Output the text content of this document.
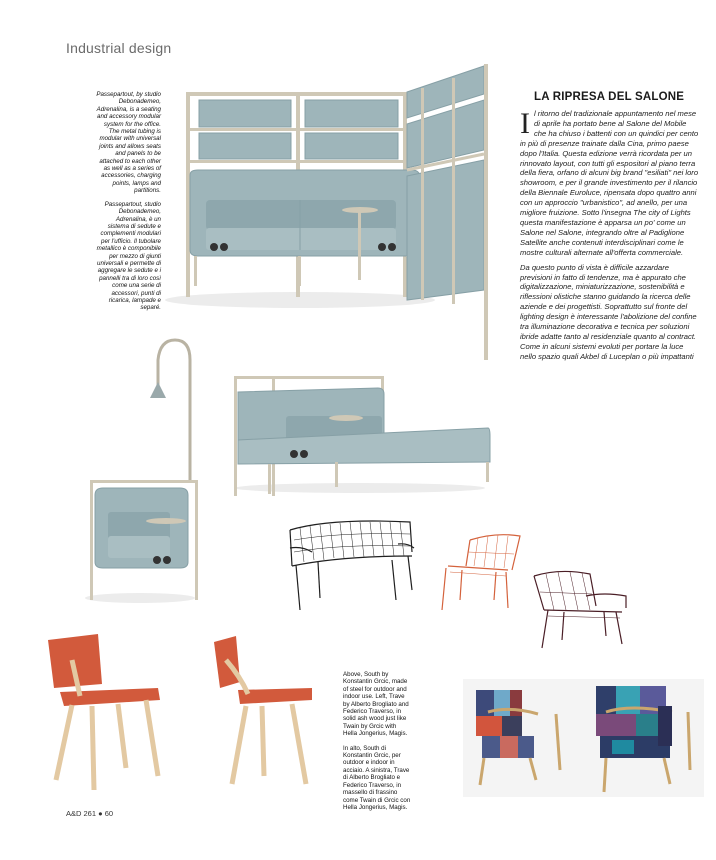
Industrial design

Passepartout, by studio Debonademeo, Adrenalina, is a seating and accessory modular system for the office. The metal tubing is modular with universal joints and allows seats and panels to be attached to each other as well as a series of accessories, charging points, lamps and partitions.

Passepartout, studio Debonademeo, Adrenalina, è un sistema di sedute e complementi modulari per l'ufficio. Il tubolare metallico è componibile per mezzo di giunti universali e permette di aggregare le sedute e i pannelli tra di loro così come una serie di accessori, punti di ricarica, lampade e separé.

LA RIPRESA DEL SALONE

Il ritorno del tradizionale appuntamento nel mese di aprile ha portato bene al Salone del Mobile che ha chiuso i battenti con un quindici per cento in più di presenze trainate dalla Cina, primo paese dopo l'Italia. Questa edizione verrà ricordata per un rinnovato layout, con tutti gli espositori al piano terra della fiera, orfano di alcuni big brand "esiliati" nei loro showroom, e per il grande investimento per il rilancio della Biennale Euroluce, ripensata dopo quattro anni con un approccio "urbanistico", ad anello, per una migliore fruizione. Sotto l'insegna The city of Lights questa manifestazione è apparsa un po' come un Salone nel Salone, integrando oltre al Padiglione Satellite anche contenuti interdisciplinari come le mostre culturali alternate all'offerta commerciale.

Da questo punto di vista è difficile azzardare previsioni in fatto di tendenze, ma è appurato che digitalizzazione, miniaturizzazione, sostenibilità e riflessioni olistiche stanno guidando la ricerca delle aziende e dei progettisti. Soprattutto sul fronte del lighting design è interessante l'abolizione del confine tra illuminazione decorativa e tecnica per soluzioni ibride adatte tanto al residenziale quanto al contract. Come in alcuni sistemi evoluti per portare la luce nello spazio quali Akbel di Luceplan o più impattanti

Above, South by Konstantin Grcic, made of steel for outdoor and indoor use. Left, Trave by Alberto Brogliato and Federico Traverso, in solid ash wood just like Twain by Grcic with Hella Jongerius, Magis.

In alto, South di Konstantin Grcic, per outdoor e indoor in acciaio. A sinistra, Trave di Alberto Brogliato e Federico Traverso, in massello di frassino come Twain di Grcic con Hella Jongerius, Magis.

A&D 261 ● 60
